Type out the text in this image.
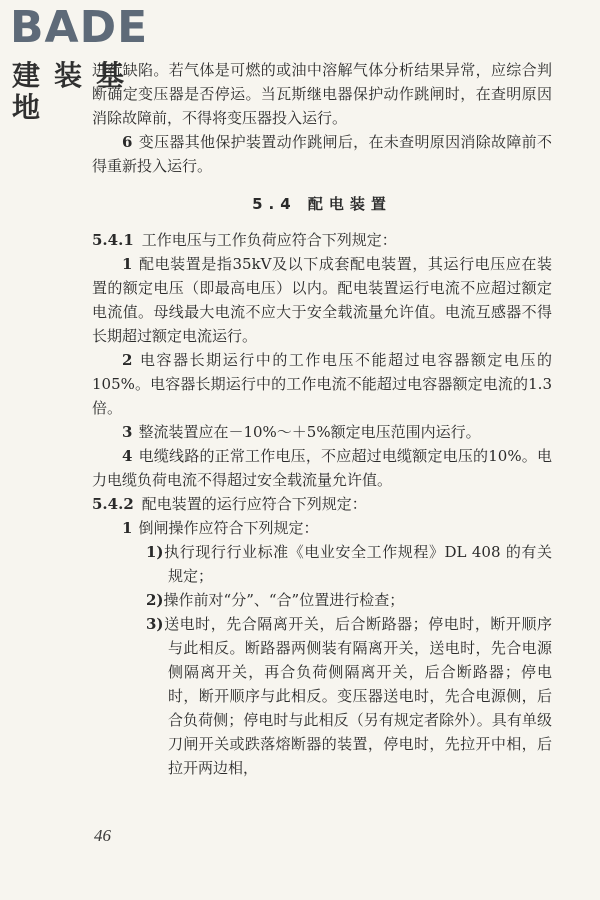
BADE
建装基地

进行缺陷。若气体是可燃的或油中溶解气体分析结果异常，应综合判断确定变压器是否停运。当瓦斯继电器保护动作跳闸时，在查明原因消除故障前，不得将变压器投入运行。

6 变压器其他保护装置动作跳闸后，在未查明原因消除故障前不得重新投入运行。

5.4 配电装置

5.4.1 工作电压与工作负荷应符合下列规定：

1 配电装置是指35kV及以下成套配电装置，其运行电压应在装置的额定电压（即最高电压）以内。配电装置运行电流不应超过额定电流值。母线最大电流不应大于安全载流量允许值。电流互感器不得长期超过额定电流运行。

2 电容器长期运行中的工作电压不能超过电容器额定电压的105%。电容器长期运行中的工作电流不能超过电容器额定电流的1.3倍。

3 整流装置应在－10%～＋5%额定电压范围内运行。

4 电缆线路的正常工作电压，不应超过电缆额定电压的10%。电力电缆负荷电流不得超过安全载流量允许值。

5.4.2 配电装置的运行应符合下列规定：

1 倒闸操作应符合下列规定：

1)执行现行行业标准《电业安全工作规程》DL 408 的有关规定；

2)操作前对“分”、“合”位置进行检查；

3)送电时，先合隔离开关，后合断路器；停电时，断开顺序与此相反。断路器两侧装有隔离开关，送电时，先合电源侧隔离开关，再合负荷侧隔离开关，后合断路器；停电时，断开顺序与此相反。变压器送电时，先合电源侧，后合负荷侧；停电时与此相反（另有规定者除外）。具有单级刀闸开关或跌落熔断器的装置，停电时，先拉开中相，后拉开两边相，

46
